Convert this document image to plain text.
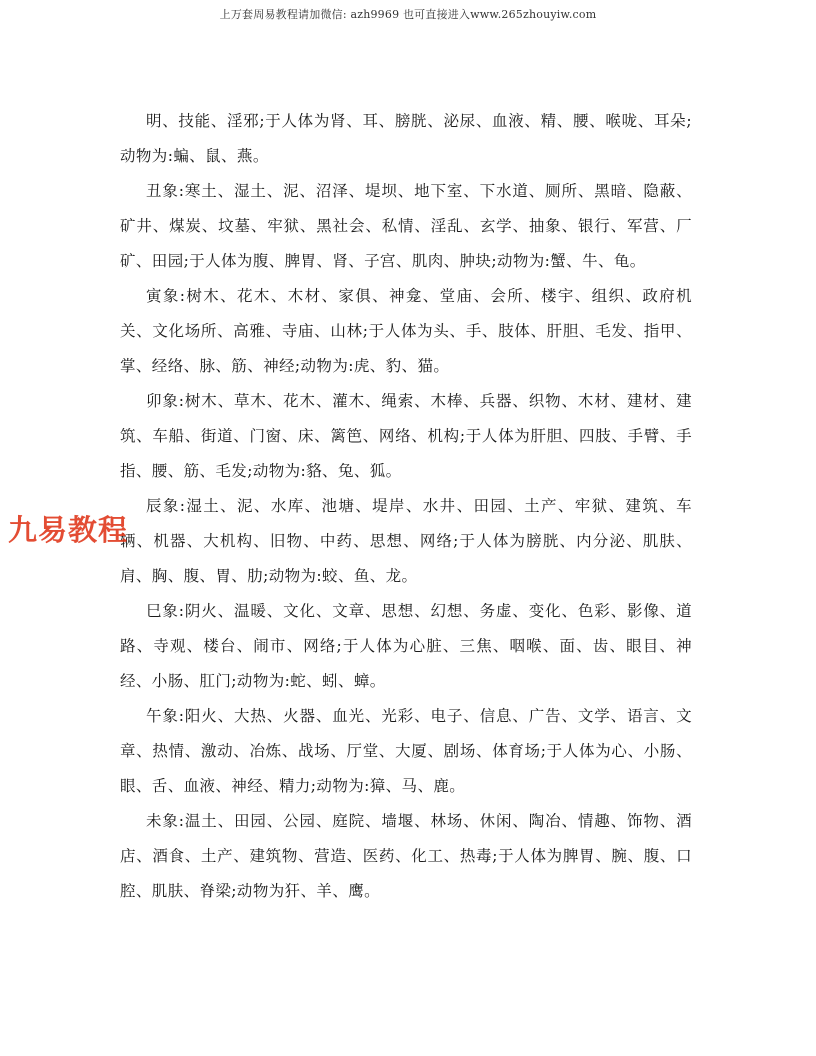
上万套周易教程请加微信: azh9969 也可直接进入www.265zhouyiw.com

明、技能、淫邪;于人体为肾、耳、膀胱、泌尿、血液、精、腰、喉咙、耳朵;动物为:蝙、鼠、燕。

丑象:寒土、湿土、泥、沼泽、堤坝、地下室、下水道、厕所、黑暗、隐蔽、矿井、煤炭、坟墓、牢狱、黑社会、私情、淫乱、玄学、抽象、银行、军营、厂矿、田园;于人体为腹、脾胃、肾、子宫、肌肉、肿块;动物为:蟹、牛、龟。

寅象:树木、花木、木材、家俱、神龛、堂庙、会所、楼宇、组织、政府机关、文化场所、高雅、寺庙、山林;于人体为头、手、肢体、肝胆、毛发、指甲、掌、经络、脉、筋、神经;动物为:虎、豹、猫。

卯象:树木、草木、花木、灌木、绳索、木棒、兵器、织物、木材、建材、建筑、车船、街道、门窗、床、篱笆、网络、机构;于人体为肝胆、四肢、手臂、手指、腰、筋、毛发;动物为:貉、兔、狐。

辰象:湿土、泥、水库、池塘、堤岸、水井、田园、土产、牢狱、建筑、车辆、机器、大机构、旧物、中药、思想、网络;于人体为膀胱、内分泌、肌肤、肩、胸、腹、胃、肋;动物为:蛟、鱼、龙。

巳象:阴火、温暖、文化、文章、思想、幻想、务虚、变化、色彩、影像、道路、寺观、楼台、闹市、网络;于人体为心脏、三焦、咽喉、面、齿、眼目、神经、小肠、肛门;动物为:蛇、蚓、蟑。

午象:阳火、大热、火器、血光、光彩、电子、信息、广告、文学、语言、文章、热情、激动、冶炼、战场、厅堂、大厦、剧场、体育场;于人体为心、小肠、眼、舌、血液、神经、精力;动物为:獐、马、鹿。

未象:温土、田园、公园、庭院、墙堰、林场、休闲、陶冶、情趣、饰物、酒店、酒食、土产、建筑物、营造、医药、化工、热毒;于人体为脾胃、腕、腹、口腔、肌肤、脊梁;动物为犴、羊、鹰。

九易教程
